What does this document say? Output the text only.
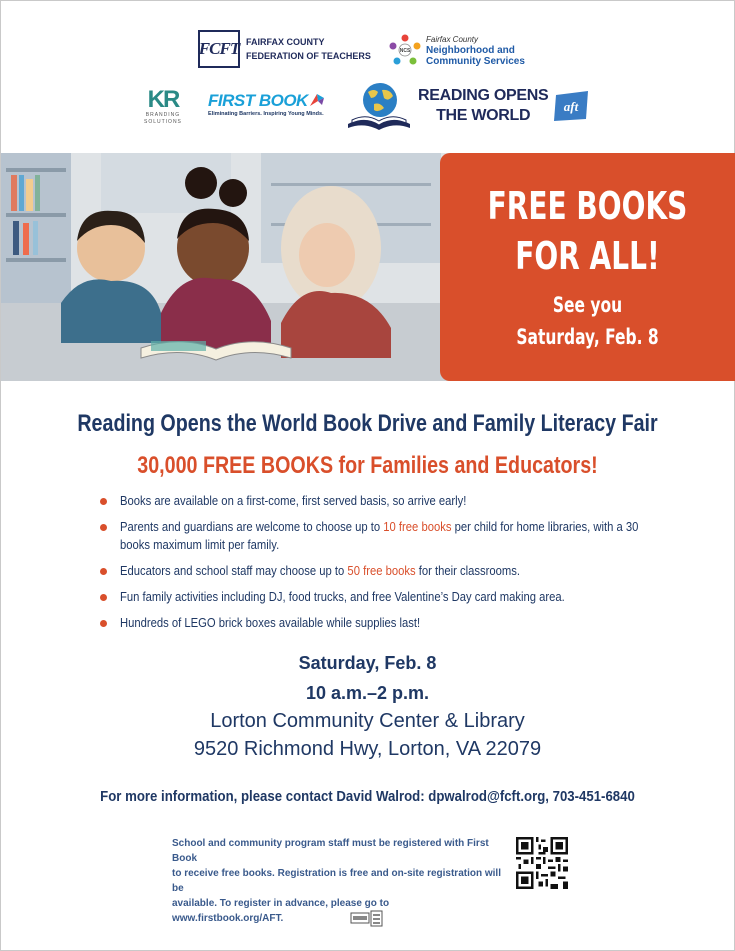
FCFT FAIRFAX COUNTY
FEDERATION OF TEACHERS	NCS
Fairfax County
Neighborhood and
Community Services
KR
BRANDING
SOLUTIONS
FIRST BOOK
Eliminating Barriers. Inspiring Young Minds.
READING OPENS
THE WORLD
aft
FREE BOOKS
FOR ALL!
See you
Saturday, Feb. 8
Reading Opens the World Book Drive and Family Literacy Fair
30,000 FREE BOOKS for Families and Educators!
Books are available on a first-come, first served basis, so arrive early!
Parents and guardians are welcome to choose up to 10 free books per child for home libraries, with a 30 books maximum limit per family.
Educators and school staff may choose up to 50 free books for their classrooms.
Fun family activities including DJ, food trucks, and free Valentine’s Day card making area.
Hundreds of LEGO brick boxes available while supplies last!
Saturday, Feb. 8
10 a.m.–2 p.m.
Lorton Community Center & Library
9520 Richmond Hwy, Lorton, VA 22079
For more information, please contact David Walrod: dpwalrod@fcft.org, 703-451-6840
School and community program staff must be registered with First Book
to receive free books. Registration is free and on-site registration will be
available. To register in advance, please go to www.firstbook.org/AFT.
